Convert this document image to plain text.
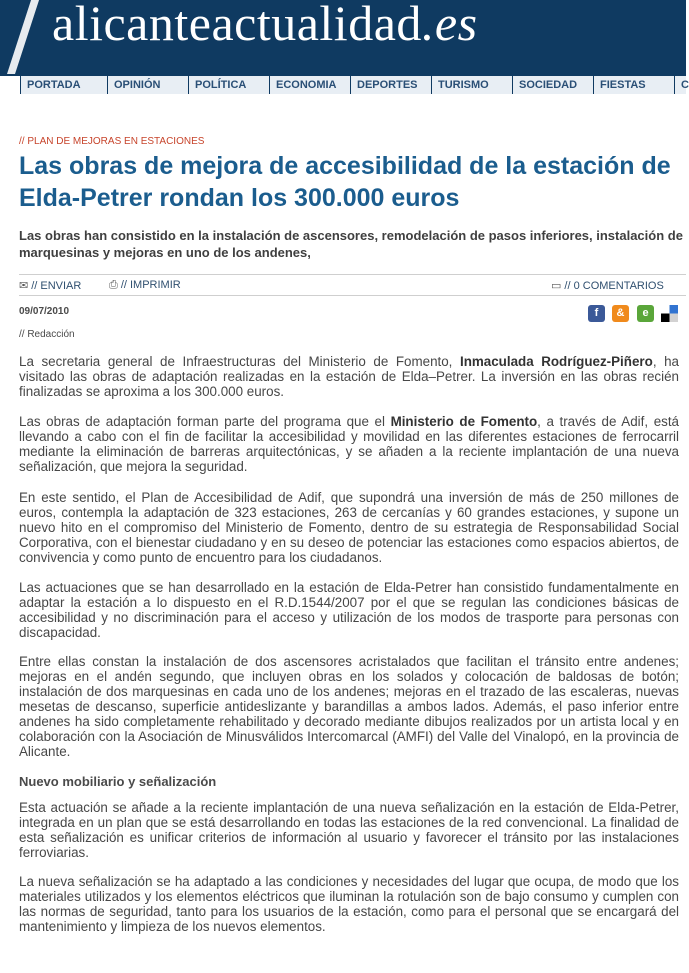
alicanteactualidad.es
PORTADA	OPINIÓN	POLÍTICA	ECONOMIA	DEPORTES	TURISMO	SOCIEDAD	FIESTAS	C
// PLAN DE MEJORAS EN ESTACIONES
Las obras de mejora de accesibilidad de la estación de Elda-Petrer rondan los 300.000 euros
Las obras han consistido en la instalación de ascensores, remodelación de pasos inferiores, instalación de marquesinas y mejoras en uno de los andenes,
✉ // ENVIAR	⎙ // IMPRIMIR	▭ // 0 COMENTARIOS
09/07/2010
// Redacción
f	&	e
La secretaria general de Infraestructuras del Ministerio de Fomento, Inmaculada Rodríguez-Piñero, ha visitado las obras de adaptación realizadas en la estación de Elda–Petrer. La inversión en las obras recién finalizadas se aproxima a los 300.000 euros.
Las obras de adaptación forman parte del programa que el Ministerio de Fomento, a través de Adif, está llevando a cabo con el fin de facilitar la accesibilidad y movilidad en las diferentes estaciones de ferrocarril mediante la eliminación de barreras arquitectónicas, y se añaden a la reciente implantación de una nueva señalización, que mejora la seguridad.
En este sentido, el Plan de Accesibilidad de Adif, que supondrá una inversión de más de 250 millones de euros, contempla la adaptación de 323 estaciones, 263 de cercanías y 60 grandes estaciones, y supone un nuevo hito en el compromiso del Ministerio de Fomento, dentro de su estrategia de Responsabilidad Social Corporativa, con el bienestar ciudadano y en su deseo de potenciar las estaciones como espacios abiertos, de convivencia y como punto de encuentro para los ciudadanos.
Las actuaciones que se han desarrollado en la estación de Elda-Petrer han consistido fundamentalmente en adaptar la estación a lo dispuesto en el R.D.1544/2007 por el que se regulan las condiciones básicas de accesibilidad y no discriminación para el acceso y utilización de los modos de trasporte para personas con discapacidad.
Entre ellas constan la instalación de dos ascensores acristalados que facilitan el tránsito entre andenes; mejoras en el andén segundo, que incluyen obras en los solados y colocación de baldosas de botón; instalación de dos marquesinas en cada uno de los andenes; mejoras en el trazado de las escaleras, nuevas mesetas de descanso, superficie antideslizante y barandillas a ambos lados. Además, el paso inferior entre andenes ha sido completamente rehabilitado y decorado mediante dibujos realizados por un artista local y en colaboración con la Asociación de Minusválidos Intercomarcal (AMFI) del Valle del Vinalopó, en la provincia de Alicante.
Nuevo mobiliario y señalización
Esta actuación se añade a la reciente implantación de una nueva señalización en la estación de Elda-Petrer, integrada en un plan que se está desarrollando en todas las estaciones de la red convencional. La finalidad de esta señalización es unificar criterios de información al usuario y favorecer el tránsito por las instalaciones ferroviarias.
La nueva señalización se ha adaptado a las condiciones y necesidades del lugar que ocupa, de modo que los materiales utilizados y los elementos eléctricos que iluminan la rotulación son de bajo consumo y cumplen con las normas de seguridad, tanto para los usuarios de la estación, como para el personal que se encargará del mantenimiento y limpieza de los nuevos elementos.
